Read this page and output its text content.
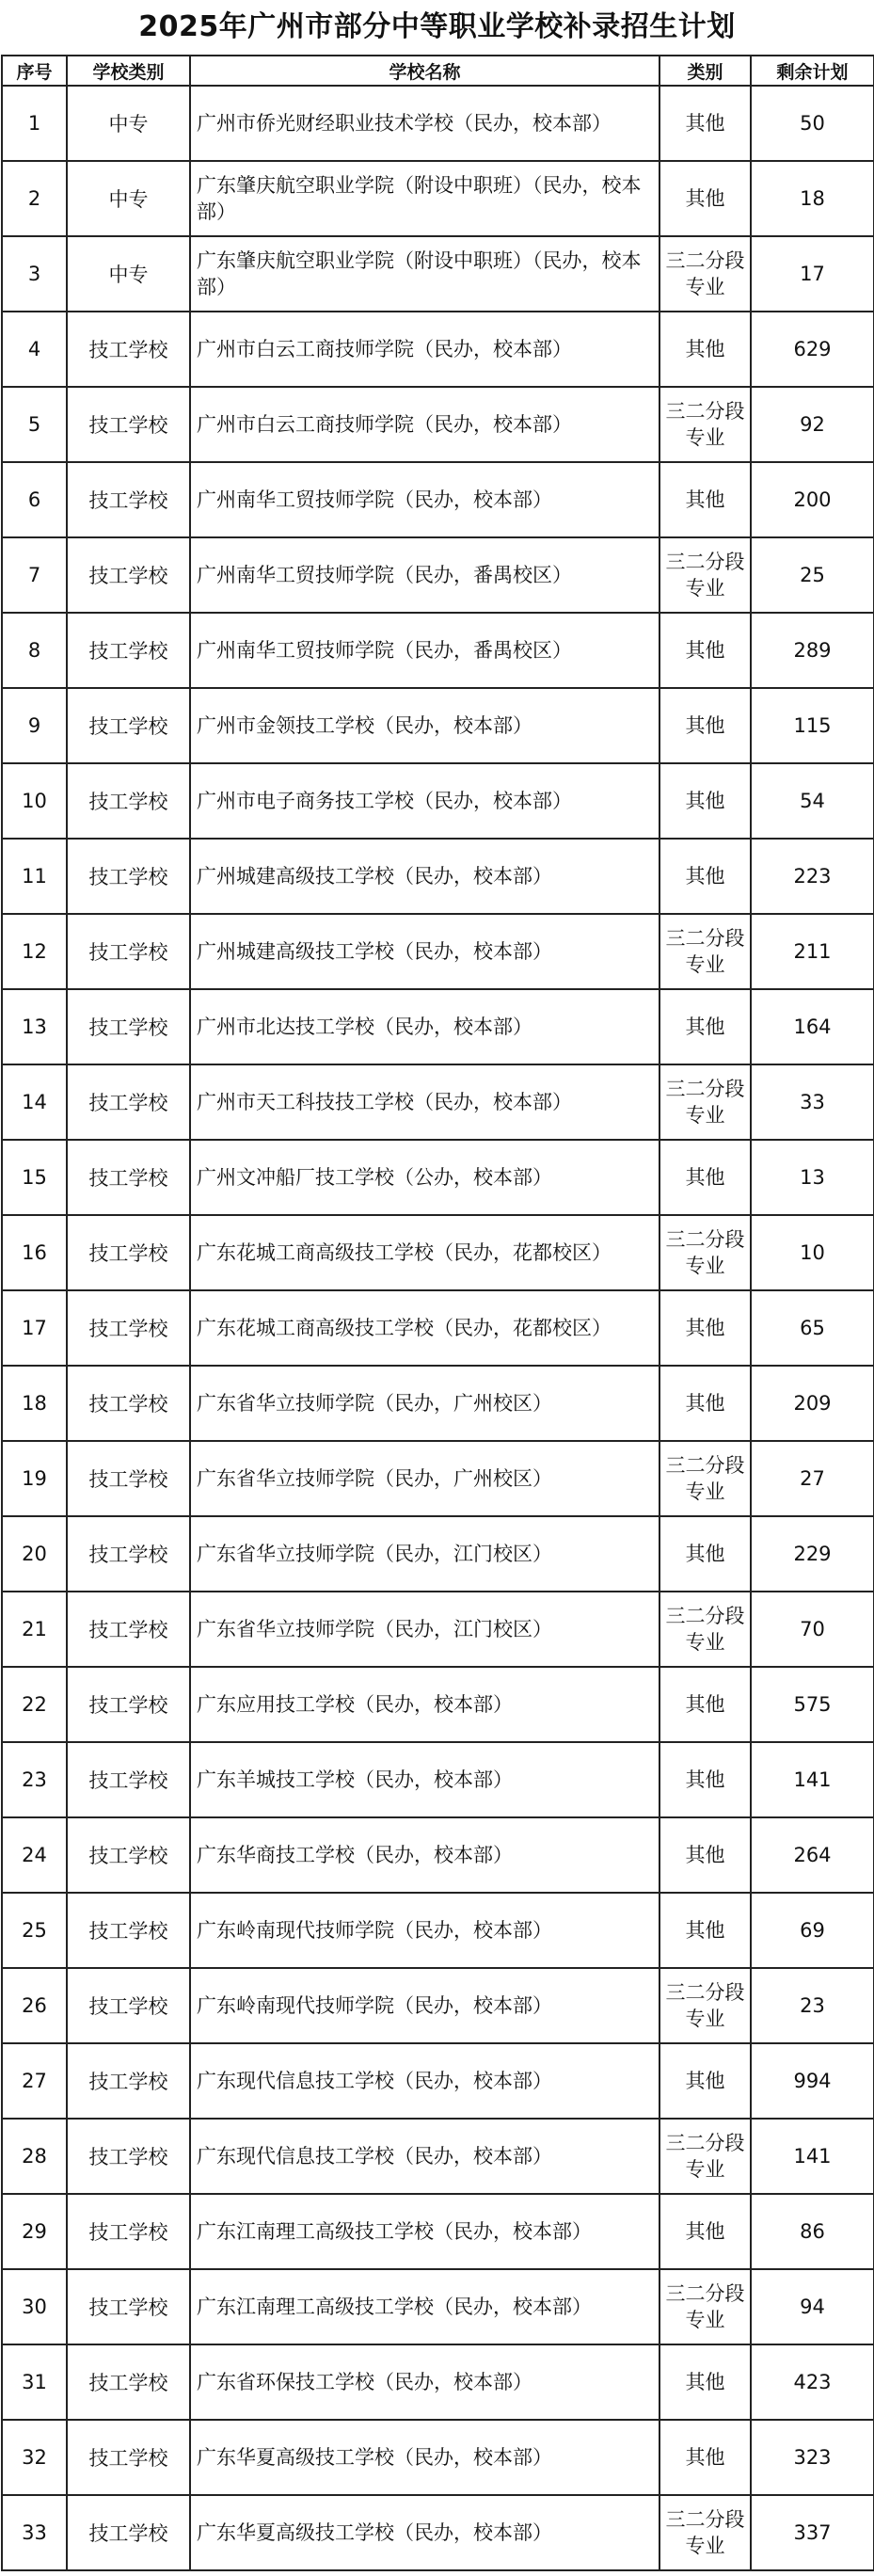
2025年广州市部分中等职业学校补录招生计划
序号	学校类别	学校名称	类别	剩余计划
1	中专	广州市侨光财经职业技术学校（民办，校本部）	其他	50
2	中专	广东肇庆航空职业学院（附设中职班）（民办，校本部）	其他	18
3	中专	广东肇庆航空职业学院（附设中职班）（民办，校本部）	三二分段专业	17
4	技工学校	广州市白云工商技师学院（民办，校本部）	其他	629
5	技工学校	广州市白云工商技师学院（民办，校本部）	三二分段专业	92
6	技工学校	广州南华工贸技师学院（民办，校本部）	其他	200
7	技工学校	广州南华工贸技师学院（民办，番禺校区）	三二分段专业	25
8	技工学校	广州南华工贸技师学院（民办，番禺校区）	其他	289
9	技工学校	广州市金领技工学校（民办，校本部）	其他	115
10	技工学校	广州市电子商务技工学校（民办，校本部）	其他	54
11	技工学校	广州城建高级技工学校（民办，校本部）	其他	223
12	技工学校	广州城建高级技工学校（民办，校本部）	三二分段专业	211
13	技工学校	广州市北达技工学校（民办，校本部）	其他	164
14	技工学校	广州市天工科技技工学校（民办，校本部）	三二分段专业	33
15	技工学校	广州文冲船厂技工学校（公办，校本部）	其他	13
16	技工学校	广东花城工商高级技工学校（民办，花都校区）	三二分段专业	10
17	技工学校	广东花城工商高级技工学校（民办，花都校区）	其他	65
18	技工学校	广东省华立技师学院（民办，广州校区）	其他	209
19	技工学校	广东省华立技师学院（民办，广州校区）	三二分段专业	27
20	技工学校	广东省华立技师学院（民办，江门校区）	其他	229
21	技工学校	广东省华立技师学院（民办，江门校区）	三二分段专业	70
22	技工学校	广东应用技工学校（民办，校本部）	其他	575
23	技工学校	广东羊城技工学校（民办，校本部）	其他	141
24	技工学校	广东华商技工学校（民办，校本部）	其他	264
25	技工学校	广东岭南现代技师学院（民办，校本部）	其他	69
26	技工学校	广东岭南现代技师学院（民办，校本部）	三二分段专业	23
27	技工学校	广东现代信息技工学校（民办，校本部）	其他	994
28	技工学校	广东现代信息技工学校（民办，校本部）	三二分段专业	141
29	技工学校	广东江南理工高级技工学校（民办，校本部）	其他	86
30	技工学校	广东江南理工高级技工学校（民办，校本部）	三二分段专业	94
31	技工学校	广东省环保技工学校（民办，校本部）	其他	423
32	技工学校	广东华夏高级技工学校（民办，校本部）	其他	323
33	技工学校	广东华夏高级技工学校（民办，校本部）	三二分段专业	337
